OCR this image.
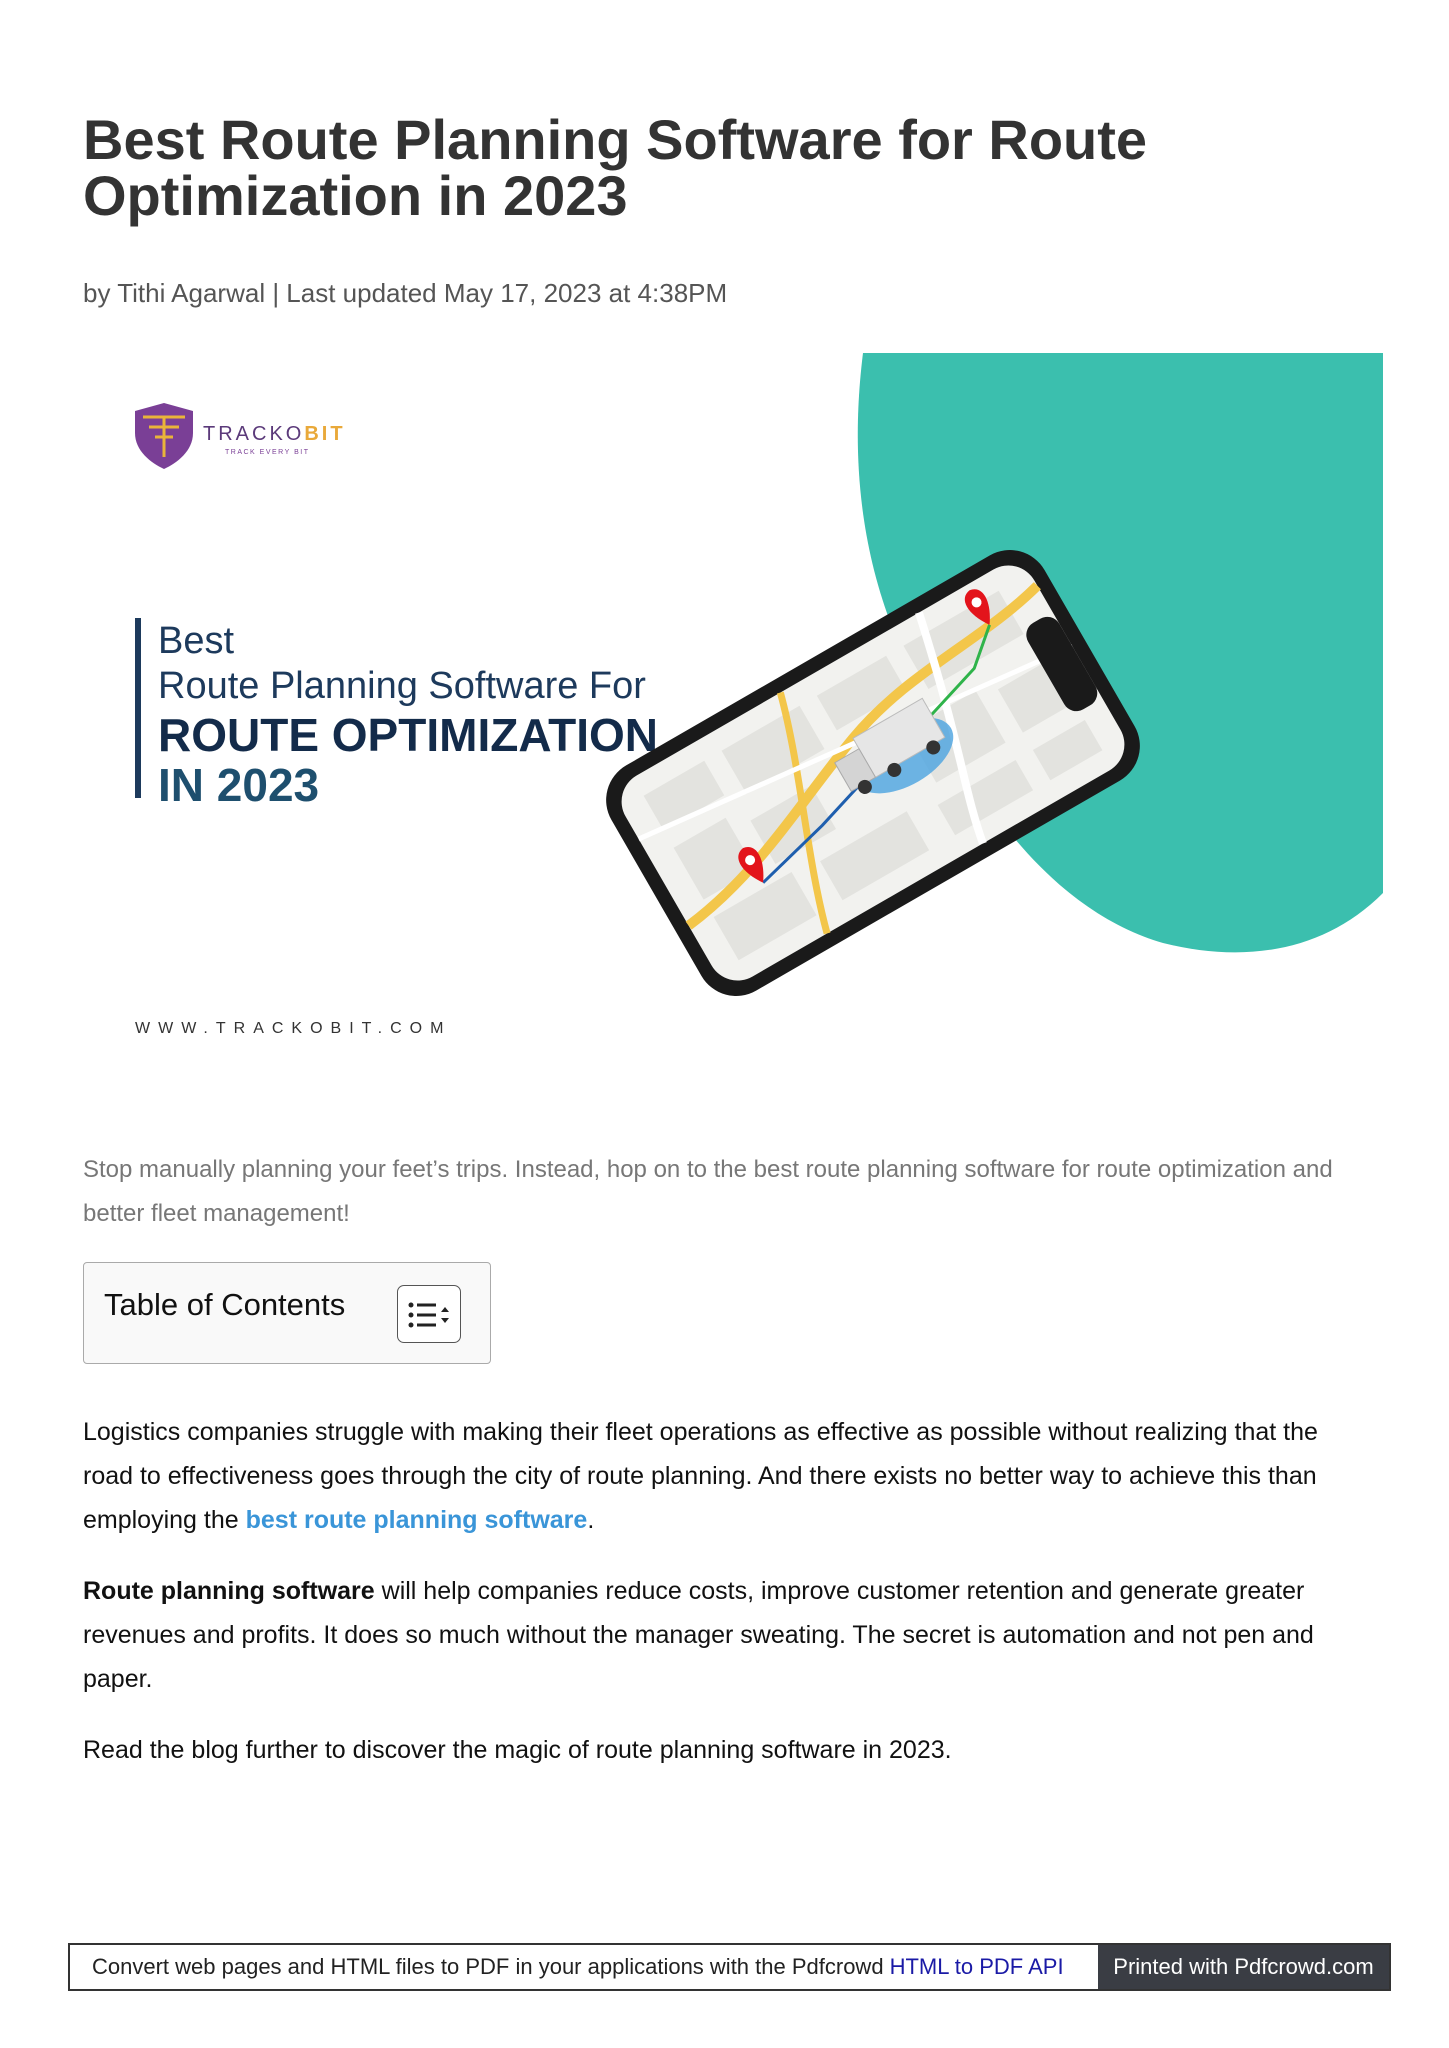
Best Route Planning Software for Route Optimization in 2023
by Tithi Agarwal | Last updated May 17, 2023 at 4:38PM
TRACKOBIT
TRACK EVERY BIT
Best
Route Planning Software For
ROUTE OPTIMIZATION
IN 2023
WWW.TRACKOBIT.COM

Stop manually planning your feet’s trips. Instead, hop on to the best route planning software for route optimization and better fleet management!

Table of Contents

Logistics companies struggle with making their fleet operations as effective as possible without realizing that the road to effectiveness goes through the city of route planning. And there exists no better way to achieve this than employing the best route planning software.

Route planning software will help companies reduce costs, improve customer retention and generate greater revenues and profits. It does so much without the manager sweating. The secret is automation and not pen and paper.

Read the blog further to discover the magic of route planning software in 2023.

Convert web pages and HTML files to PDF in your applications with the Pdfcrowd HTML to PDF API	Printed with Pdfcrowd.com
